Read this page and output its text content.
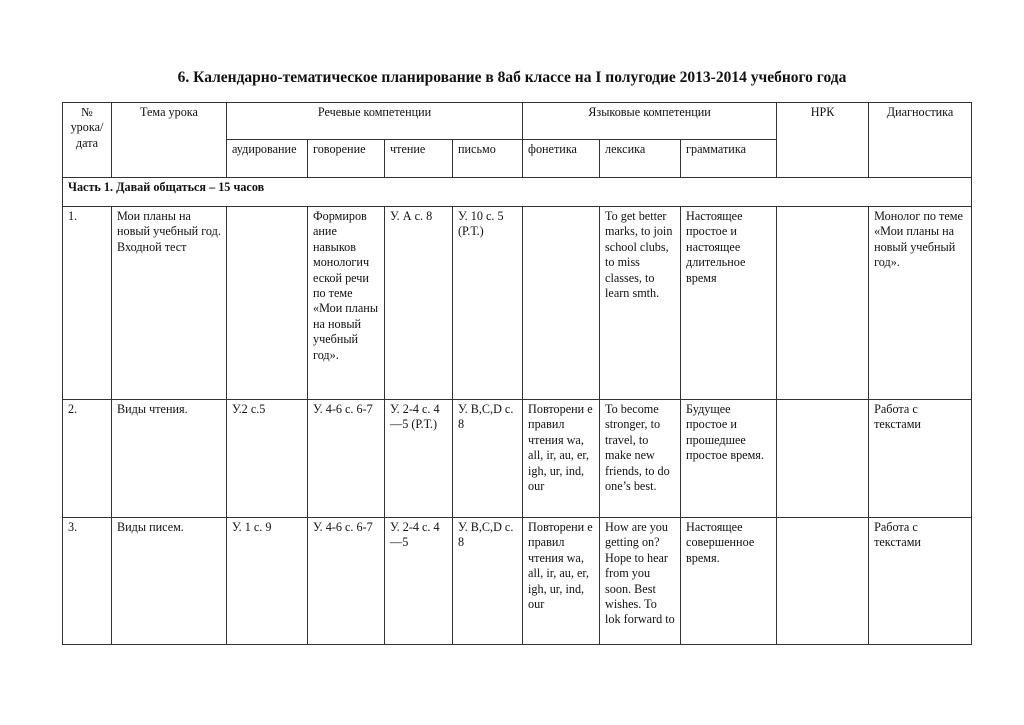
6. Календарно-тематическое планирование в 8аб классе на I полугодие 2013-2014 учебного года
№ урока/ дата	Тема урока	Речевые компетенции				Языковые компетенции			НРК	Диагностика
		аудирование	говорение	чтение	письмо	фонетика	лексика	грамматика		
Часть 1. Давай общаться – 15 часов										
1.	Мои планы на новый учебный год. Входной тест		Формиров ание навыков монологич еской речи по теме «Мои планы на новый учебный год».	У. А с. 8	У. 10 с. 5 (Р.Т.)		To get better marks, to join school clubs, to miss classes, to learn smth.	Настоящее простое и настоящее длительное время		Монолог по теме «Мои планы на новый учебный год».
2.	Виды чтения.	У.2 с.5	У. 4-6 с. 6-7	У. 2-4 с. 4—5 (Р.Т.)	У. B,C,D с. 8	Повторени е правил чтения wa, all, ir, au, er, igh, ur, ind, our	To become stronger, to travel, to make new friends, to do one’s best.	Будущее простое и прошедшее простое время.		Работа с текстами
3.	Виды писем.	У. 1 с. 9	У. 4-6 с. 6-7	У. 2-4 с. 4—5	У. B,C,D с. 8	Повторени е правил чтения wa, all, ir, au, er, igh, ur, ind, our	How are you getting on? Hope to hear from you soon. Best wishes. To lok forward to	Настоящее совершенное время.		Работа с текстами
